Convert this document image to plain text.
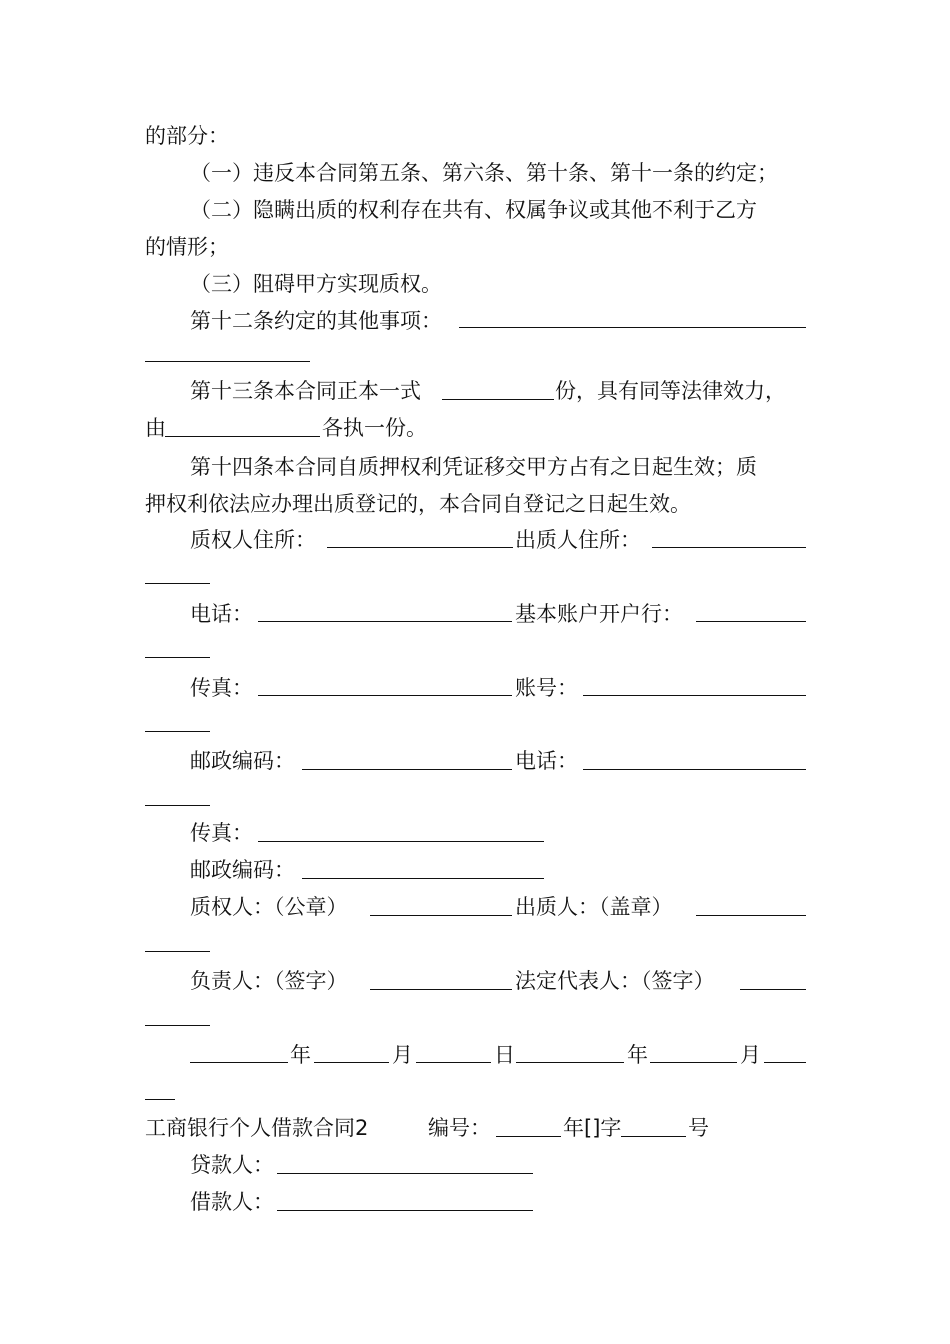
的部分：
（一）违反本合同第五条、第六条、第十条、第十一条的约定；
（二）隐瞒出质的权利存在共有、权属争议或其他不利于乙方
的情形；
（三）阻碍甲方实现质权。
第十二条约定的其他事项：
第十三条本合同正本一式	份，具有同等法律效力，
由	各执一份。
第十四条本合同自质押权利凭证移交甲方占有之日起生效；质
押权利依法应办理出质登记的，本合同自登记之日起生效。
质权人住所：	出质人住所：
电话：	基本账户开户行：
传真：	账号：
邮政编码：	电话：
传真：
邮政编码：
质权人：（公章）	出质人：（盖章）
负责人：（签字）	法定代表人：（签字）
年	月	日	年	月
工商银行个人借款合同2	编号：	年[]字	号
贷款人：
借款人：
